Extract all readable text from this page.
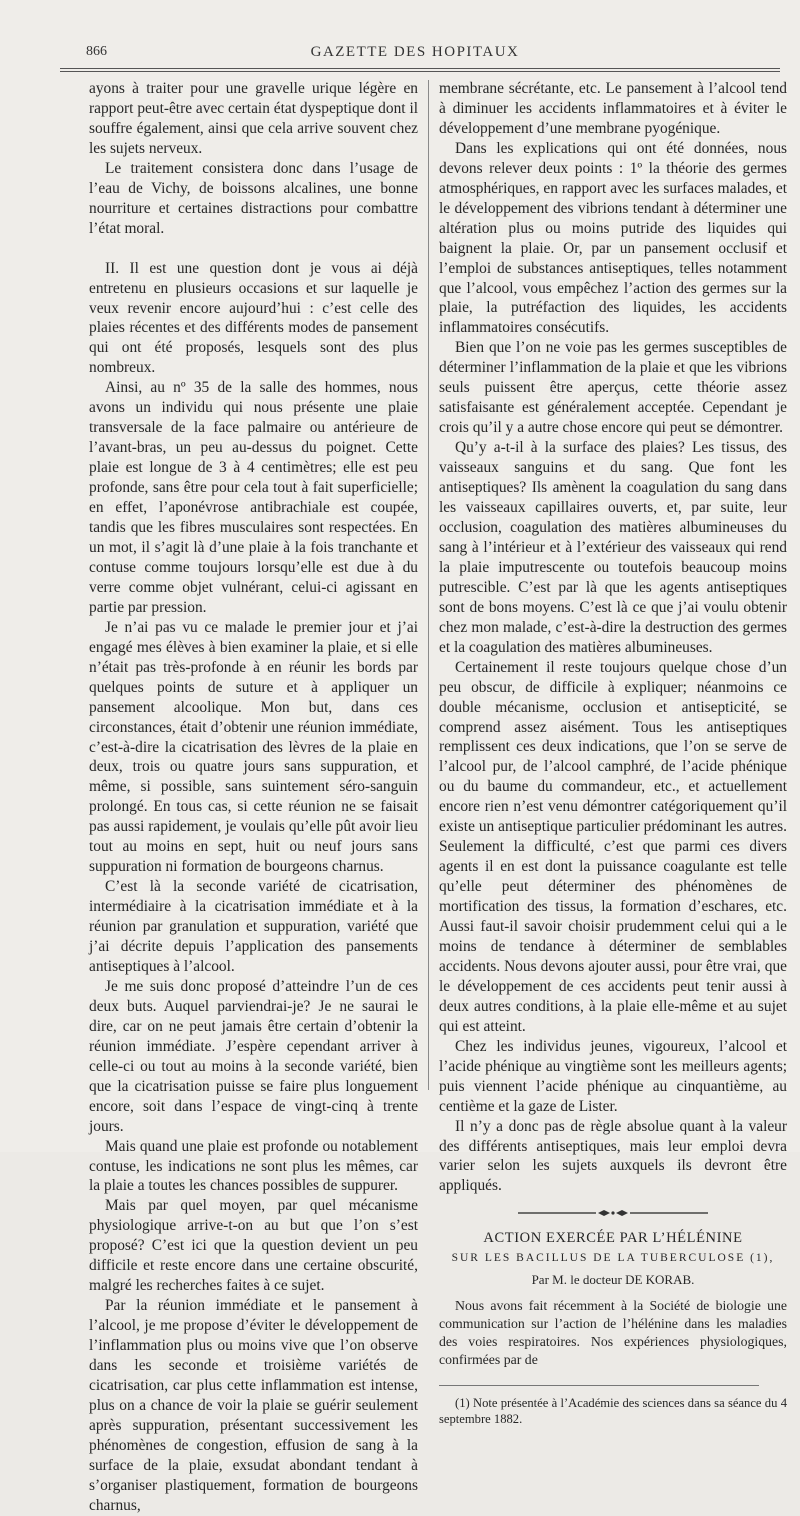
866	GAZETTE DES HOPITAUX

ayons à traiter pour une gravelle urique légère en rapport peut-être avec certain état dyspeptique dont il souffre également, ainsi que cela arrive souvent chez les sujets nerveux.

Le traitement consistera donc dans l’usage de l’eau de Vichy, de boissons alcalines, une bonne nourriture et certaines distractions pour combattre l’état moral.

II. Il est une question dont je vous ai déjà entretenu en plusieurs occasions et sur laquelle je veux revenir encore aujourd’hui : c’est celle des plaies récentes et des différents modes de pansement qui ont été proposés, lesquels sont des plus nombreux.

Ainsi, au nº 35 de la salle des hommes, nous avons un individu qui nous présente une plaie transversale de la face palmaire ou antérieure de l’avant-bras, un peu au-dessus du poignet. Cette plaie est longue de 3 à 4 centimètres; elle est peu profonde, sans être pour cela tout à fait superficielle; en effet, l’aponévrose antibrachiale est coupée, tandis que les fibres musculaires sont respectées. En un mot, il s’agit là d’une plaie à la fois tranchante et contuse comme toujours lorsqu’elle est due à du verre comme objet vulnérant, celui-ci agissant en partie par pression.

Je n’ai pas vu ce malade le premier jour et j’ai engagé mes élèves à bien examiner la plaie, et si elle n’était pas très-profonde à en réunir les bords par quelques points de suture et à appliquer un pansement alcoolique. Mon but, dans ces circonstances, était d’obtenir une réunion immédiate, c’est-à-dire la cicatrisation des lèvres de la plaie en deux, trois ou quatre jours sans suppuration, et même, si possible, sans suintement séro-sanguin prolongé. En tous cas, si cette réunion ne se faisait pas aussi rapidement, je voulais qu’elle pût avoir lieu tout au moins en sept, huit ou neuf jours sans suppuration ni formation de bourgeons charnus.

C’est là la seconde variété de cicatrisation, intermédiaire à la cicatrisation immédiate et à la réunion par granulation et suppuration, variété que j’ai décrite depuis l’application des pansements antiseptiques à l’alcool.

Je me suis donc proposé d’atteindre l’un de ces deux buts. Auquel parviendrai-je? Je ne saurai le dire, car on ne peut jamais être certain d’obtenir la réunion immédiate. J’espère cependant arriver à celle-ci ou tout au moins à la seconde variété, bien que la cicatrisation puisse se faire plus longuement encore, soit dans l’espace de vingt-cinq à trente jours.

Mais quand une plaie est profonde ou notablement contuse, les indications ne sont plus les mêmes, car la plaie a toutes les chances possibles de suppurer.

Mais par quel moyen, par quel mécanisme physiologique arrive-t-on au but que l’on s’est proposé? C’est ici que la question devient un peu difficile et reste encore dans une certaine obscurité, malgré les recherches faites à ce sujet.

Par la réunion immédiate et le pansement à l’alcool, je me propose d’éviter le développement de l’inflammation plus ou moins vive que l’on observe dans les seconde et troisième variétés de cicatrisation, car plus cette inflammation est intense, plus on a chance de voir la plaie se guérir seulement après suppuration, présentant successivement les phénomènes de congestion, effusion de sang à la surface de la plaie, exsudat abondant tendant à s’organiser plastiquement, formation de bourgeons charnus,

membrane sécrétante, etc. Le pansement à l’alcool tend à diminuer les accidents inflammatoires et à éviter le développement d’une membrane pyogénique.

Dans les explications qui ont été données, nous devons relever deux points : 1º la théorie des germes atmosphériques, en rapport avec les surfaces malades, et le développement des vibrions tendant à déterminer une altération plus ou moins putride des liquides qui baignent la plaie. Or, par un pansement occlusif et l’emploi de substances antiseptiques, telles notamment que l’alcool, vous empêchez l’action des germes sur la plaie, la putréfaction des liquides, les accidents inflammatoires consécutifs.

Bien que l’on ne voie pas les germes susceptibles de déterminer l’inflammation de la plaie et que les vibrions seuls puissent être aperçus, cette théorie assez satisfaisante est généralement acceptée. Cependant je crois qu’il y a autre chose encore qui peut se démontrer.

Qu’y a-t-il à la surface des plaies? Les tissus, des vaisseaux sanguins et du sang. Que font les antiseptiques? Ils amènent la coagulation du sang dans les vaisseaux capillaires ouverts, et, par suite, leur occlusion, coagulation des matières albumineuses du sang à l’intérieur et à l’extérieur des vaisseaux qui rend la plaie imputrescente ou toutefois beaucoup moins putrescible. C’est par là que les agents antiseptiques sont de bons moyens. C’est là ce que j’ai voulu obtenir chez mon malade, c’est-à-dire la destruction des germes et la coagulation des matières albumineuses.

Certainement il reste toujours quelque chose d’un peu obscur, de difficile à expliquer; néanmoins ce double mécanisme, occlusion et antisepticité, se comprend assez aisément. Tous les antiseptiques remplissent ces deux indications, que l’on se serve de l’alcool pur, de l’alcool camphré, de l’acide phénique ou du baume du commandeur, etc., et actuellement encore rien n’est venu démontrer catégoriquement qu’il existe un antiseptique particulier prédominant les autres. Seulement la difficulté, c’est que parmi ces divers agents il en est dont la puissance coagulante est telle qu’elle peut déterminer des phénomènes de mortification des tissus, la formation d’eschares, etc. Aussi faut-il savoir choisir prudemment celui qui a le moins de tendance à déterminer de semblables accidents. Nous devons ajouter aussi, pour être vrai, que le développement de ces accidents peut tenir aussi à deux autres conditions, à la plaie elle-même et au sujet qui est atteint.

Chez les individus jeunes, vigoureux, l’alcool et l’acide phénique au vingtième sont les meilleurs agents; puis viennent l’acide phénique au cinquantième, au centième et la gaze de Lister.

Il n’y a donc pas de règle absolue quant à la valeur des différents antiseptiques, mais leur emploi devra varier selon les sujets auxquels ils devront être appliqués.

ACTION EXERCÉE PAR L’HÉLÉNINE
SUR LES BACILLUS DE LA TUBERCULOSE (1),
Par M. le docteur DE KORAB.

Nous avons fait récemment à la Société de biologie une communication sur l’action de l’hélénine dans les maladies des voies respiratoires. Nos expériences physiologiques, confirmées par de

(1) Note présentée à l’Académie des sciences dans sa séance du 4 septembre 1882.
